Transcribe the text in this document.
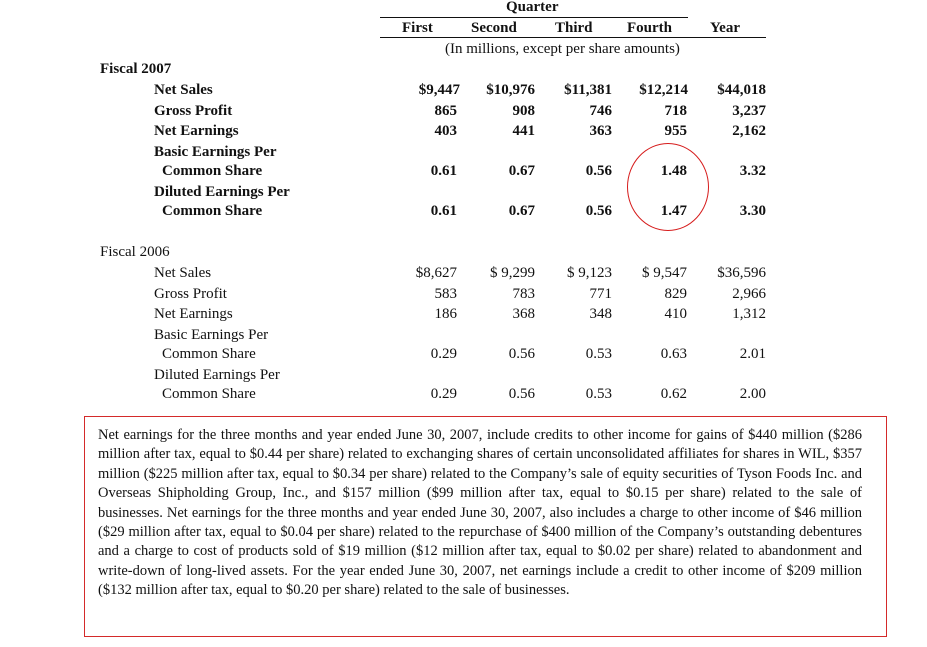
Quarter
First	Second	Third Fourth	Year
(In millions, except per share amounts)
Fiscal 2007
Net Sales	$9,447 $10,976 $11,381 $12,214 $44,018
Gross Profit	865	908	746	718	3,237
Net Earnings	403	441	363	955	2,162
Basic Earnings Per
Common Share	0.61	0.67	0.56	1.48	3.32
Diluted Earnings Per
Common Share	0.61	0.67	0.56	1.47	3.30
Fiscal 2006
Net Sales	$8,627 $ 9,299 $ 9,123 $ 9,547 $36,596
Gross Profit	583	783	771	829	2,966
Net Earnings	186	368	348	410	1,312
Basic Earnings Per
Common Share	0.29	0.56	0.53	0.63	2.01
Diluted Earnings Per
Common Share	0.29	0.56	0.53	0.62	2.00
Net earnings for the three months and year ended June 30, 2007, include credits to other income for gains of $440 million ($286 million after tax, equal to $0.44 per share) related to exchanging shares of certain unconsolidated affiliates for shares in WIL, $357 million ($225 million after tax, equal to $0.34 per share) related to the Company’s sale of equity securities of Tyson Foods Inc. and Overseas Shipholding Group, Inc., and $157 million ($99 million after tax, equal to $0.15 per share) related to the sale of businesses. Net earnings for the three months and year ended June 30, 2007, also includes a charge to other income of $46 million ($29 million after tax, equal to $0.04 per share) related to the repurchase of $400 million of the Company’s outstanding debentures and a charge to cost of products sold of $19 million ($12 million after tax, equal to $0.02 per share) related to abandonment and write-down of long-lived assets. For the year ended June 30, 2007, net earnings include a credit to other income of $209 million ($132 million after tax, equal to $0.20 per share) related to the sale of businesses.
